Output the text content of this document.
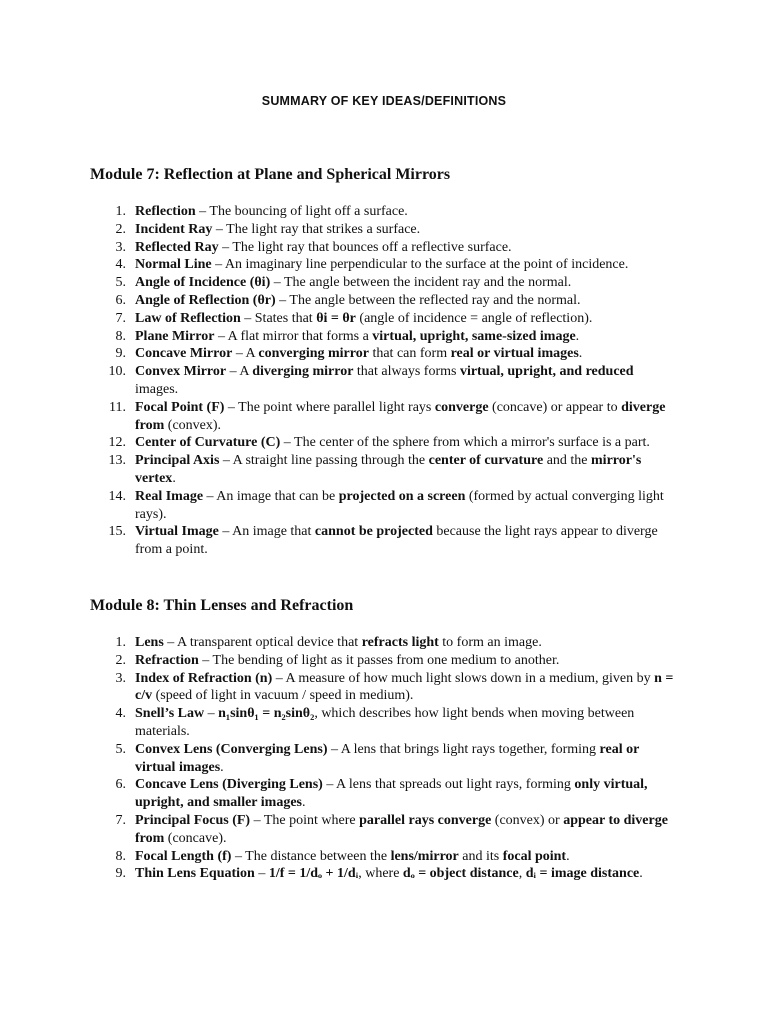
SUMMARY OF KEY IDEAS/DEFINITIONS
Module 7: Reflection at Plane and Spherical Mirrors
1. Reflection – The bouncing of light off a surface.
2. Incident Ray – The light ray that strikes a surface.
3. Reflected Ray – The light ray that bounces off a reflective surface.
4. Normal Line – An imaginary line perpendicular to the surface at the point of incidence.
5. Angle of Incidence (θi) – The angle between the incident ray and the normal.
6. Angle of Reflection (θr) – The angle between the reflected ray and the normal.
7. Law of Reflection – States that θi = θr (angle of incidence = angle of reflection).
8. Plane Mirror – A flat mirror that forms a virtual, upright, same-sized image.
9. Concave Mirror – A converging mirror that can form real or virtual images.
10. Convex Mirror – A diverging mirror that always forms virtual, upright, and reduced images.
11. Focal Point (F) – The point where parallel light rays converge (concave) or appear to diverge from (convex).
12. Center of Curvature (C) – The center of the sphere from which a mirror's surface is a part.
13. Principal Axis – A straight line passing through the center of curvature and the mirror's vertex.
14. Real Image – An image that can be projected on a screen (formed by actual converging light rays).
15. Virtual Image – An image that cannot be projected because the light rays appear to diverge from a point.
Module 8: Thin Lenses and Refraction
1. Lens – A transparent optical device that refracts light to form an image.
2. Refraction – The bending of light as it passes from one medium to another.
3. Index of Refraction (n) – A measure of how much light slows down in a medium, given by n = c/v (speed of light in vacuum / speed in medium).
4. Snell’s Law – n₁sinθ₁ = n₂sinθ₂, which describes how light bends when moving between materials.
5. Convex Lens (Converging Lens) – A lens that brings light rays together, forming real or virtual images.
6. Concave Lens (Diverging Lens) – A lens that spreads out light rays, forming only virtual, upright, and smaller images.
7. Principal Focus (F) – The point where parallel rays converge (convex) or appear to diverge from (concave).
8. Focal Length (f) – The distance between the lens/mirror and its focal point.
9. Thin Lens Equation – 1/f = 1/dₒ + 1/dᵢ, where dₒ = object distance, dᵢ = image distance.
